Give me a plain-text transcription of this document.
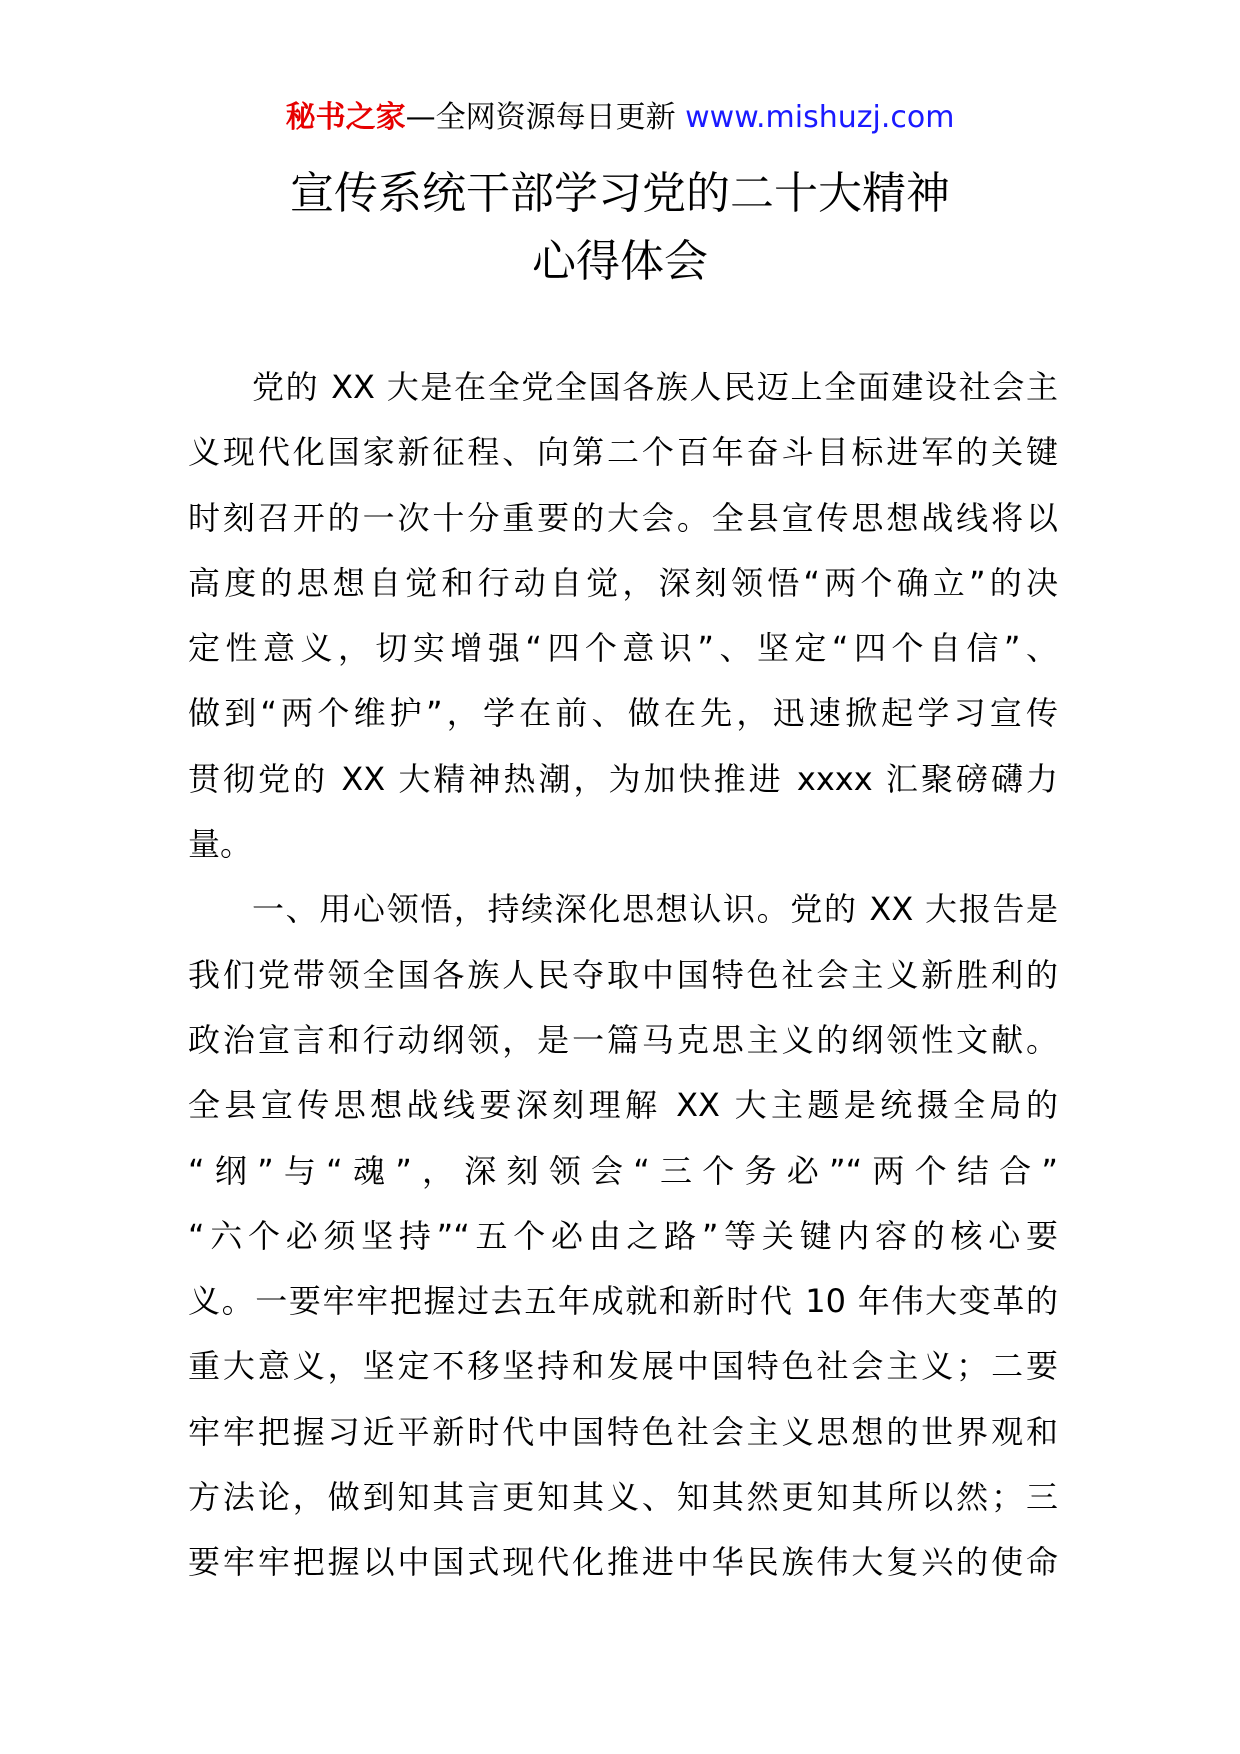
秘书之家—全网资源每日更新 www.mishuzj.com
宣传系统干部学习党的二十大精神
心得体会
党的 XX 大是在全党全国各族人民迈上全面建设社会主
义现代化国家新征程、向第二个百年奋斗目标进军的关键
时刻召开的一次十分重要的大会。全县宣传思想战线将以
高度的思想自觉和行动自觉，深刻领悟“两个确立”的决
定性意义，切实增强“四个意识”、坚定“四个自信”、
做到“两个维护”，学在前、做在先，迅速掀起学习宣传
贯彻党的 XX 大精神热潮，为加快推进 xxxx 汇聚磅礴力
量。
一、用心领悟，持续深化思想认识。党的 XX 大报告是
我们党带领全国各族人民夺取中国特色社会主义新胜利的
政治宣言和行动纲领，是一篇马克思主义的纲领性文献。
全县宣传思想战线要深刻理解 XX 大主题是统摄全局的
“纲”与“魂”，深刻领会“三个务必”“两个结合”
“六个必须坚持”“五个必由之路”等关键内容的核心要
义。一要牢牢把握过去五年成就和新时代 10 年伟大变革的
重大意义，坚定不移坚持和发展中国特色社会主义；二要
牢牢把握习近平新时代中国特色社会主义思想的世界观和
方法论，做到知其言更知其义、知其然更知其所以然；三
要牢牢把握以中国式现代化推进中华民族伟大复兴的使命
